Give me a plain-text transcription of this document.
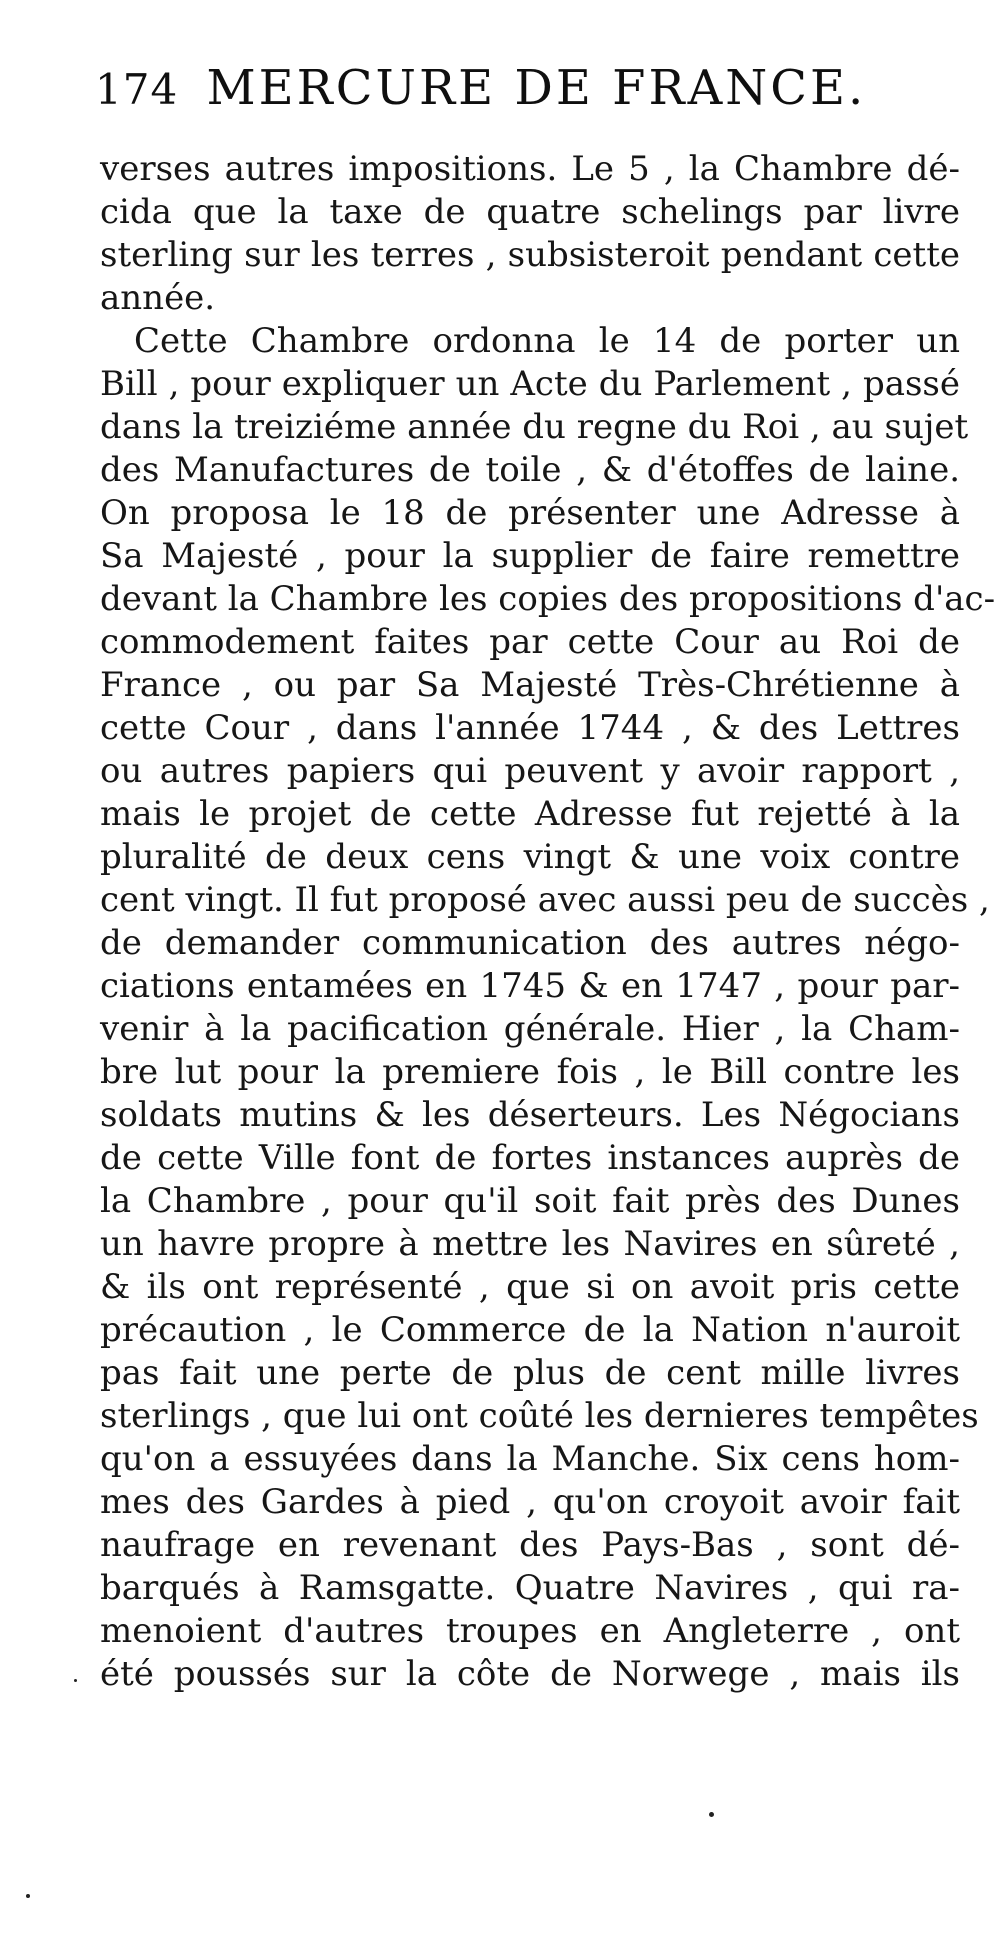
174 MERCURE DE FRANCE.
verses autres impositions. Le 5 , la Chambre dé-
cida que la taxe de quatre schelings par livre
sterling sur les terres , subsisteroit pendant cette
année.
Cette Chambre ordonna le 14 de porter un
Bill , pour expliquer un Acte du Parlement , passé
dans la treiziéme année du regne du Roi , au sujet
des Manufactures de toile , & d'étoffes de laine.
On proposa le 18 de présenter une Adresse à
Sa Majesté , pour la supplier de faire remettre
devant la Chambre les copies des propositions d'ac-
commodement faites par cette Cour au Roi de
France , ou par Sa Majesté Très-Chrétienne à
cette Cour , dans l'année 1744 , & des Lettres
ou autres papiers qui peuvent y avoir rapport ,
mais le projet de cette Adresse fut rejetté à la
pluralité de deux cens vingt & une voix contre
cent vingt. Il fut proposé avec aussi peu de succès ,
de demander communication des autres négo-
ciations entamées en 1745 & en 1747 , pour par-
venir à la pacification générale. Hier , la Cham-
bre lut pour la premiere fois , le Bill contre les
soldats mutins & les déserteurs. Les Négocians
de cette Ville font de fortes instances auprès de
la Chambre , pour qu'il soit fait près des Dunes
un havre propre à mettre les Navires en sûreté ,
& ils ont représenté , que si on avoit pris cette
précaution , le Commerce de la Nation n'auroit
pas fait une perte de plus de cent mille livres
sterlings , que lui ont coûté les dernieres tempêtes
qu'on a essuyées dans la Manche. Six cens hom-
mes des Gardes à pied , qu'on croyoit avoir fait
naufrage en revenant des Pays-Bas , sont dé-
barqués à Ramsgatte. Quatre Navires , qui ra-
menoient d'autres troupes en Angleterre , ont
été poussés sur la côte de Norwege , mais ils
